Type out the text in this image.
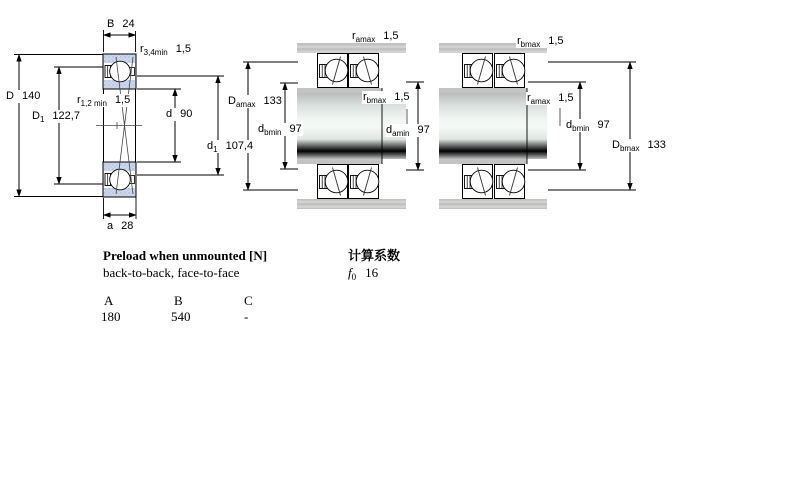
B 24
$r_{3,4min}$ 1,5
D 140
$D_1$ 122,7
$r_{1,2 min}$ 1,5
d 90
$d_1$ 107,4
a 28
$r_{amax}$ 1,5
$D_{amax}$ 133	$r_{bmax}$ 1,5
$d_{bmin}$ 97	$d_{amin}$ 97
$r_{bmax}$ 1,5
$r_{amax}$ 1,5
$d_{bmin}$ 97
$D_{bmax}$ 133
Preload when unmounted [N]
back-to-back, face-to-face
计算系数
$f_0$ 16
A	B	C
180	540	-
